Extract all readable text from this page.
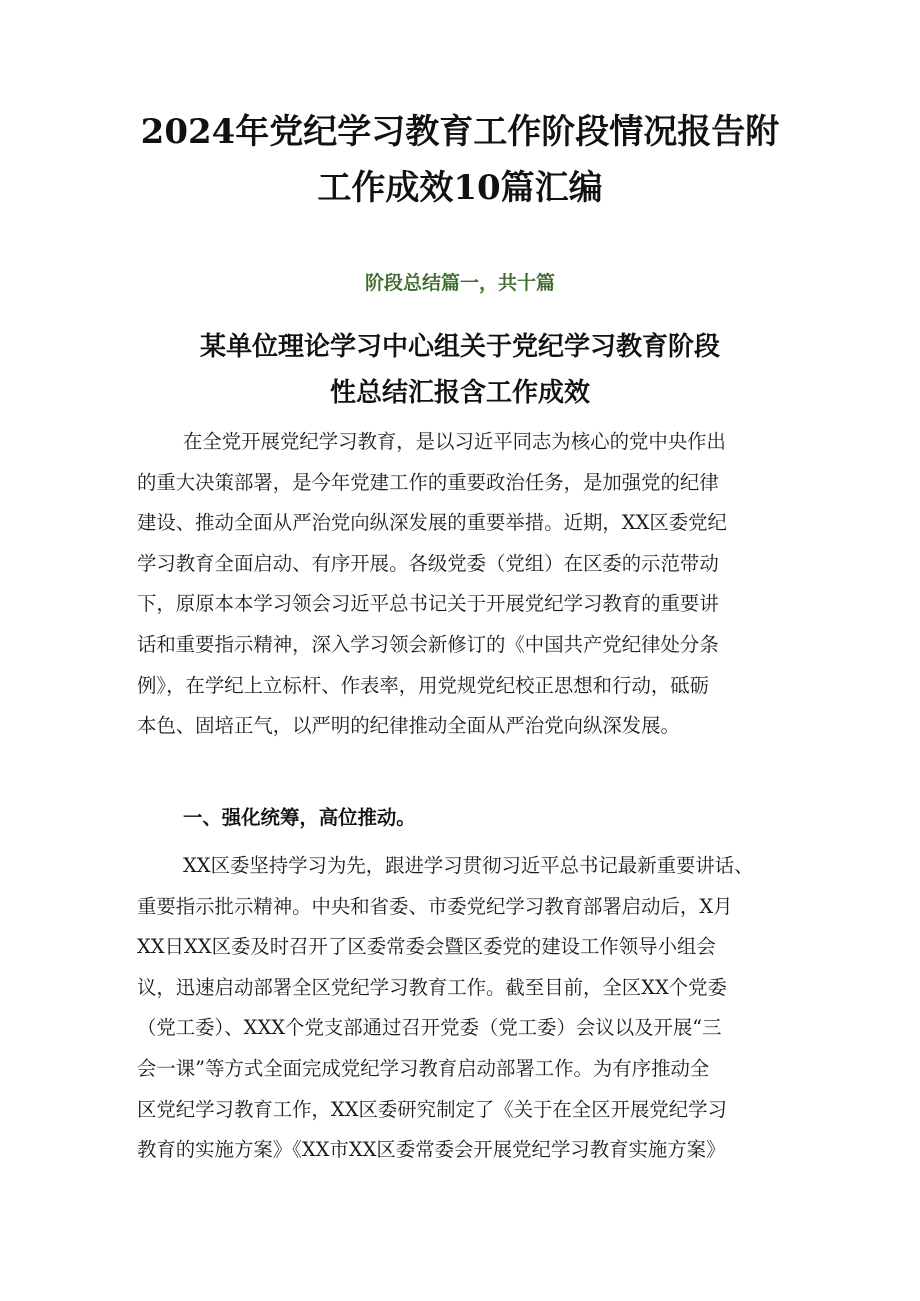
2024年党纪学习教育工作阶段情况报告附
工作成效10篇汇编
阶段总结篇一，共十篇
某单位理论学习中心组关于党纪学习教育阶段
性总结汇报含工作成效

在全党开展党纪学习教育，是以习近平同志为核心的党中央作出
的重大决策部署，是今年党建工作的重要政治任务，是加强党的纪律
建设、推动全面从严治党向纵深发展的重要举措。近期，XX区委党纪
学习教育全面启动、有序开展。各级党委（党组）在区委的示范带动
下，原原本本学习领会习近平总书记关于开展党纪学习教育的重要讲
话和重要指示精神，深入学习领会新修订的《中国共产党纪律处分条
例》，在学纪上立标杆、作表率，用党规党纪校正思想和行动，砥砺
本色、固培正气，以严明的纪律推动全面从严治党向纵深发展。

一、强化统筹，高位推动。

XX区委坚持学习为先，跟进学习贯彻习近平总书记最新重要讲话、
重要指示批示精神。中央和省委、市委党纪学习教育部署启动后，X月
XX日XX区委及时召开了区委常委会暨区委党的建设工作领导小组会
议，迅速启动部署全区党纪学习教育工作。截至目前，全区XX个党委
（党工委）、XXX个党支部通过召开党委（党工委）会议以及开展“三
会一课”等方式全面完成党纪学习教育启动部署工作。为有序推动全
区党纪学习教育工作，XX区委研究制定了《关于在全区开展党纪学习
教育的实施方案》《XX市XX区委常委会开展党纪学习教育实施方案》
